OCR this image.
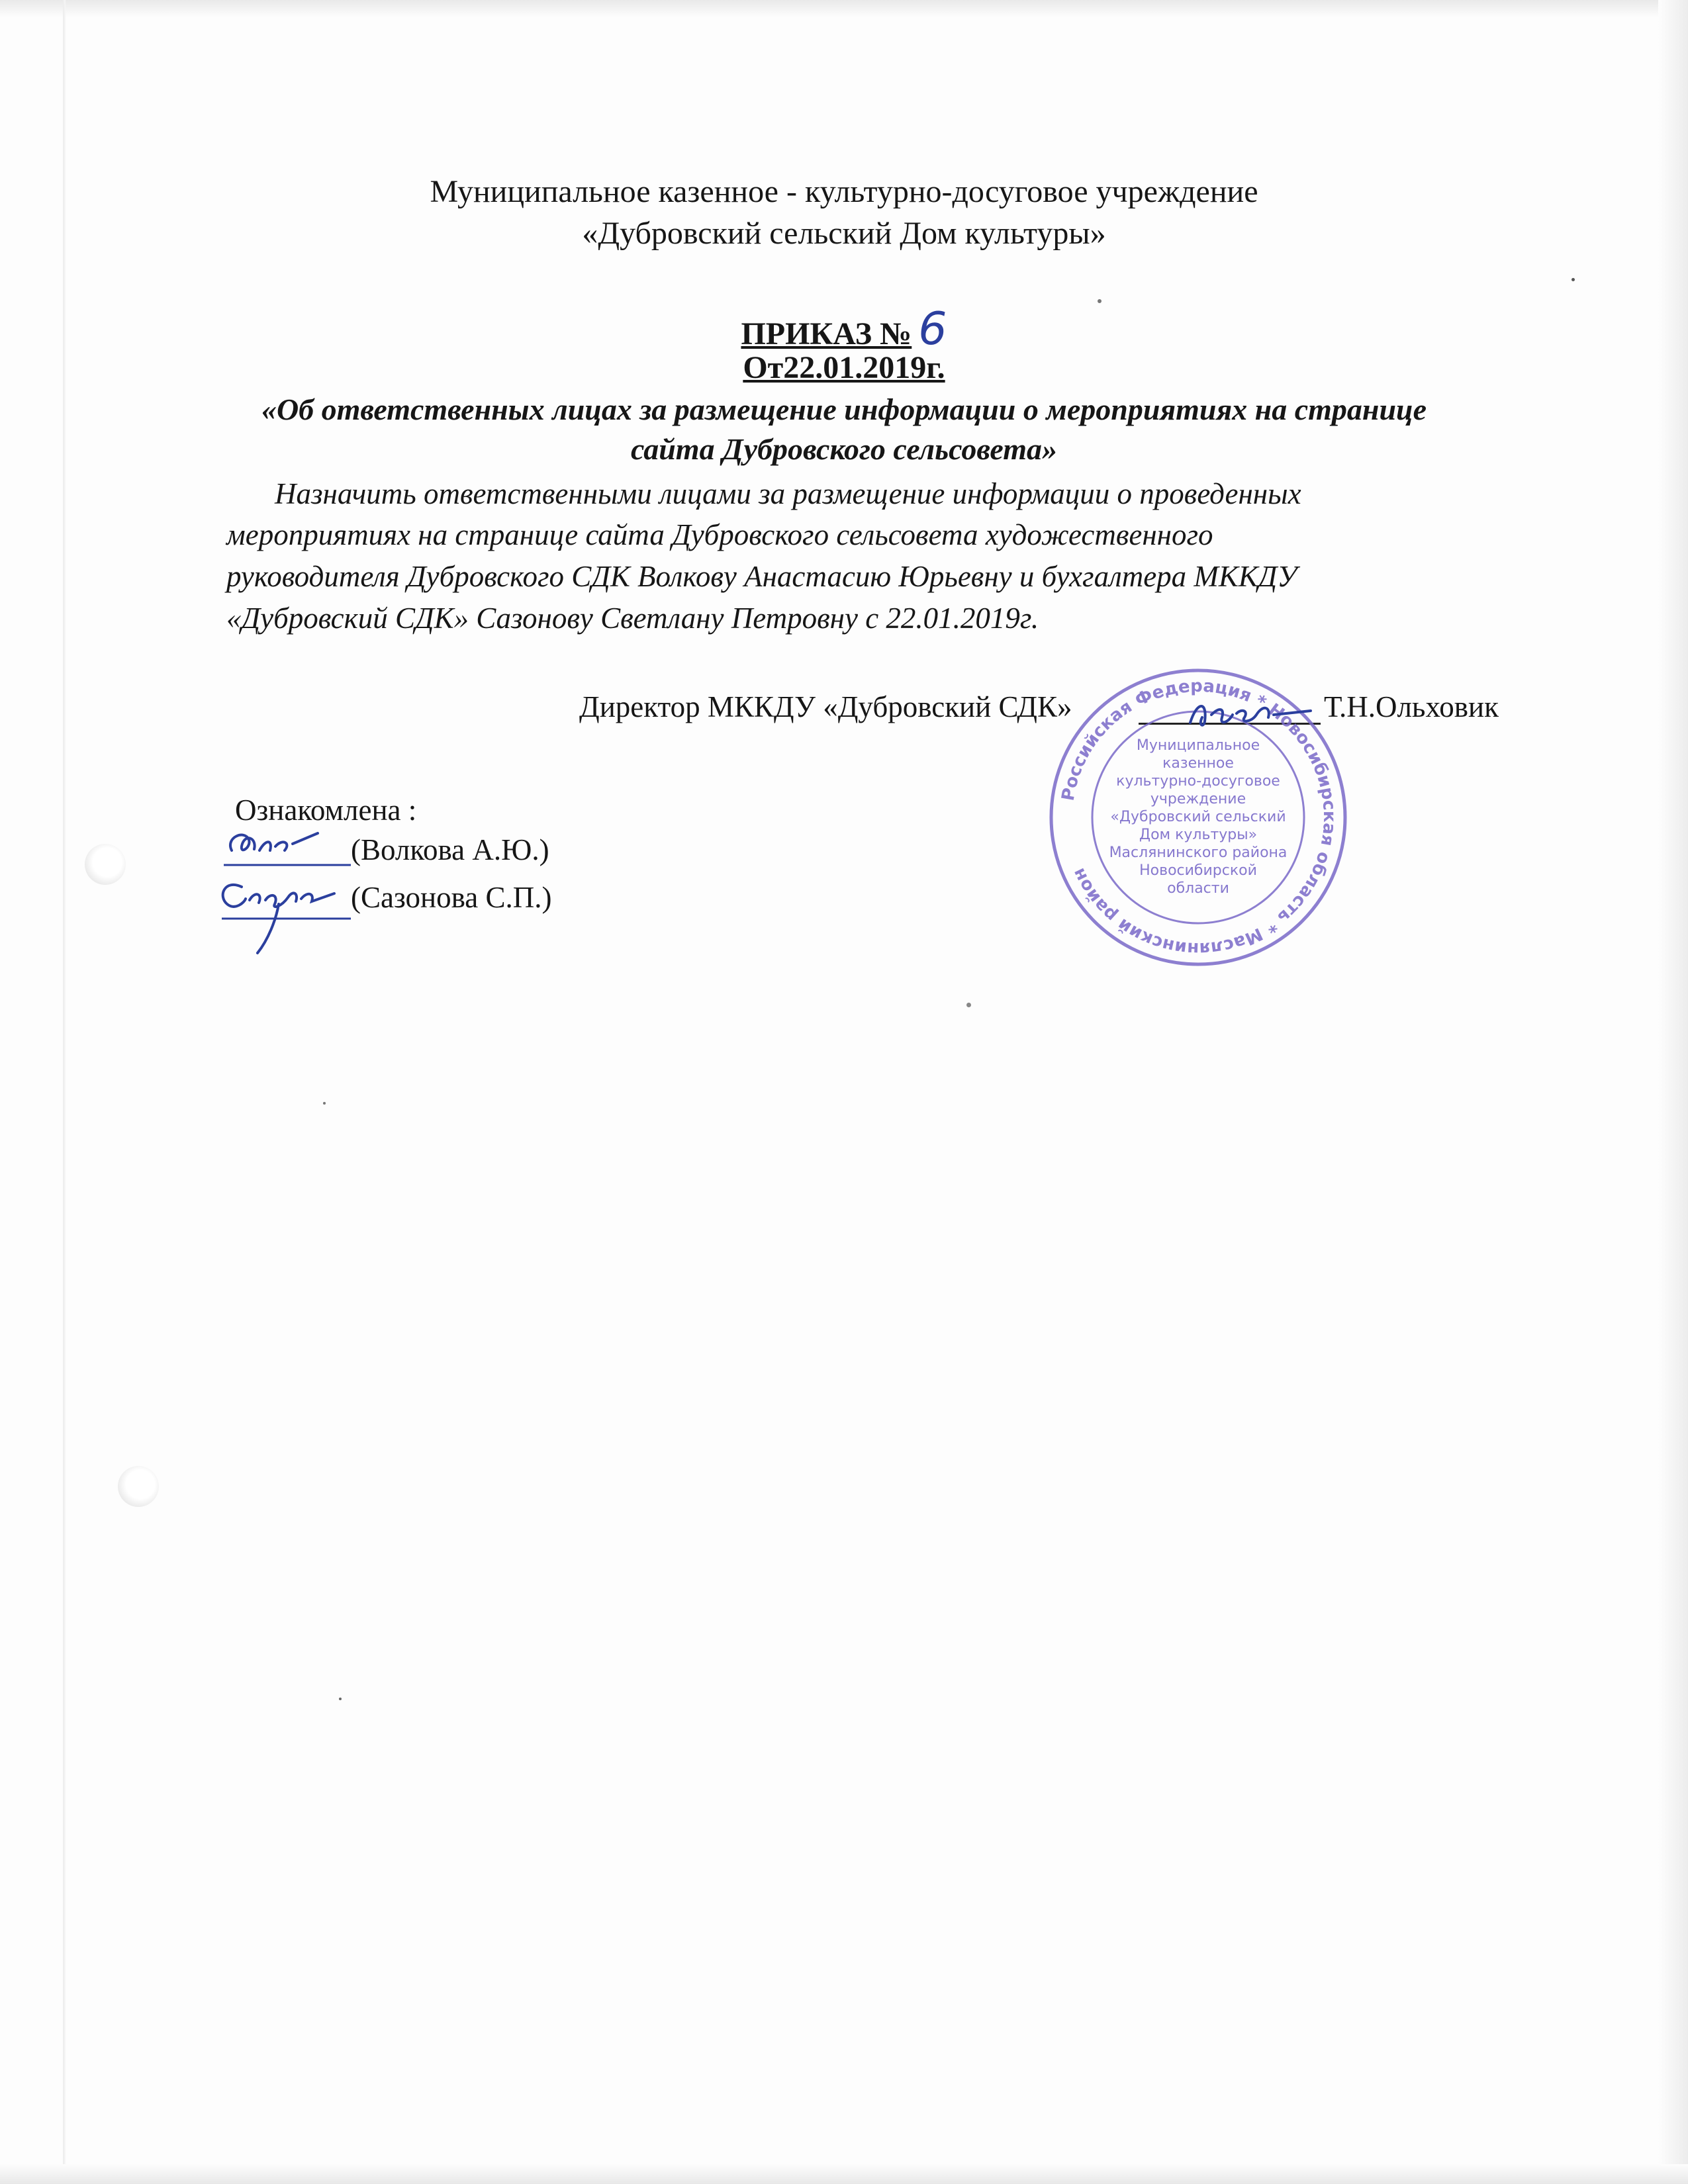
Муниципальное казенное - культурно-досуговое учреждение
«Дубровский сельский Дом культуры»
ПРИКАЗ № 6
От22.01.2019г.
«Об ответственных лицах за размещение информации о мероприятиях на странице
сайта Дубровского сельсовета»
Назначить ответственными лицами за размещение информации о проведенных
мероприятиях на странице сайта Дубровского сельсовета художественного
руководителя Дубровского СДК Волкову Анастасию Юрьевну и бухгалтера МККДУ
«Дубровский СДК» Сазонову Светлану Петровну с 22.01.2019г.
Директор МККДУ «Дубровский СДК»	Т.Н.Ольховик
Российская Федерация * Новосибирская область * Маслянинский район
Муниципальное
казенное
культурно-досуговое
учреждение
«Дубровский сельский
Дом культуры»
Маслянинского района
Новосибирской
области
Ознакомлена :
(Волкова А.Ю.)
(Сазонова С.П.)
